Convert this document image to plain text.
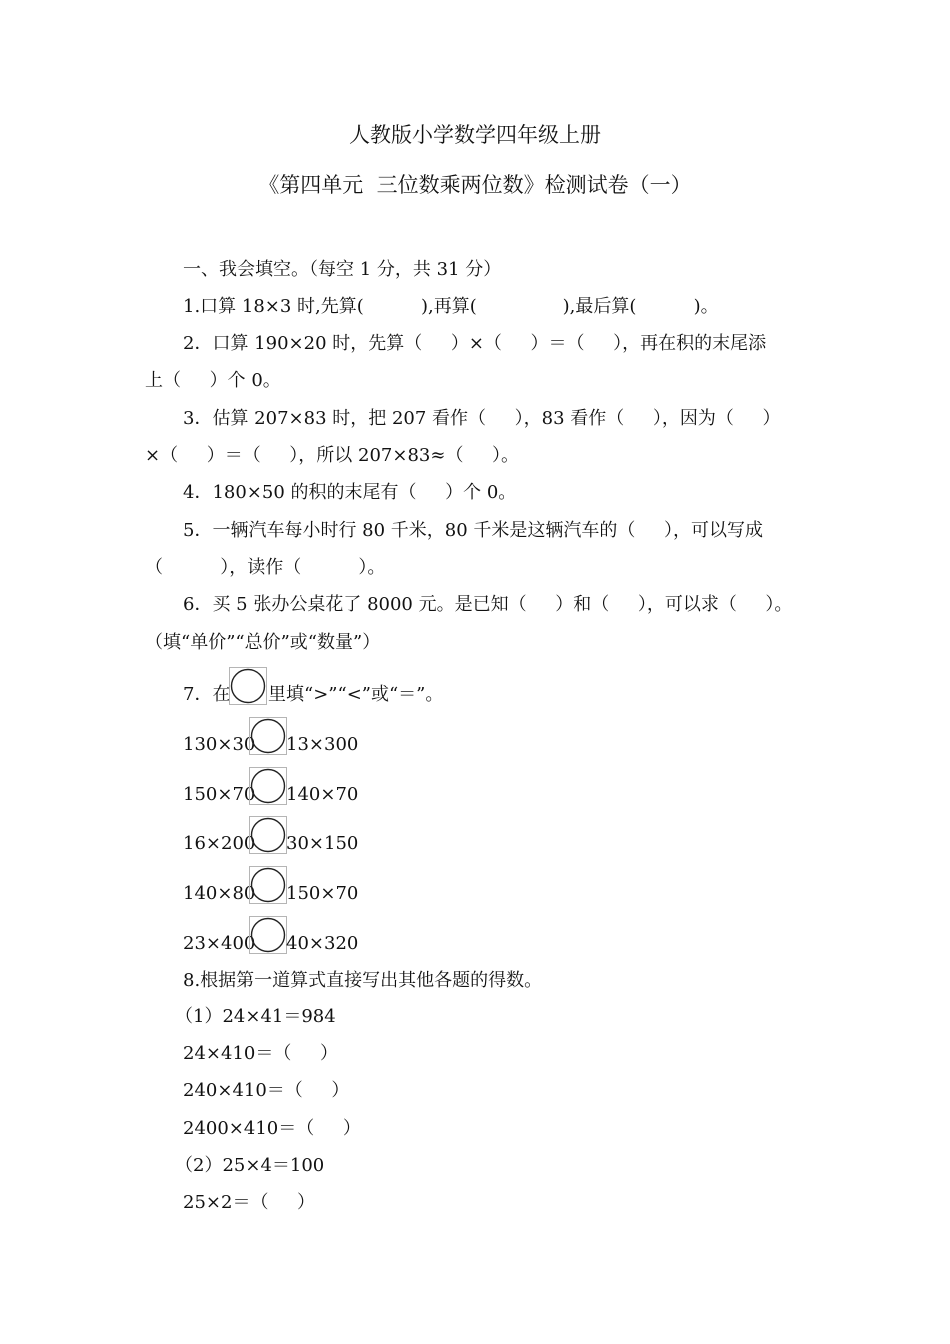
人教版小学数学四年级上册
《第四单元  三位数乘两位数》检测试卷（一）
一、我会填空。（每空 1 分，共 31 分）
1.口算 18×3 时,先算(          ),再算(               ),最后算(          )。
2．口算 190×20 时，先算（     ）×（     ）＝（     ），再在积的末尾添
上（     ）个 0。
3．估算 207×83 时，把 207 看作（     ），83 看作（     ），因为（     ）
×（     ）＝（     ），所以 207×83≈（     ）。
4．180×50 的积的末尾有（     ）个 0。
5．一辆汽车每小时行 80 千米，80 千米是这辆汽车的（     ），可以写成
（          ），读作（          ）。
6．买 5 张办公桌花了 8000 元。是已知（     ）和（     ），可以求（     ）。
（填“单价”“总价”或“数量”）
7．在 里填“>”“<”或“＝”。
130×30 13×300
150×70 140×70
16×200 30×150
140×80 150×70
23×400 40×320
8.根据第一道算式直接写出其他各题的得数。
（1）24×41＝984
24×410＝（     ）
240×410＝（     ）
2400×410＝（     ）
（2）25×4＝100
25×2＝（     ）
